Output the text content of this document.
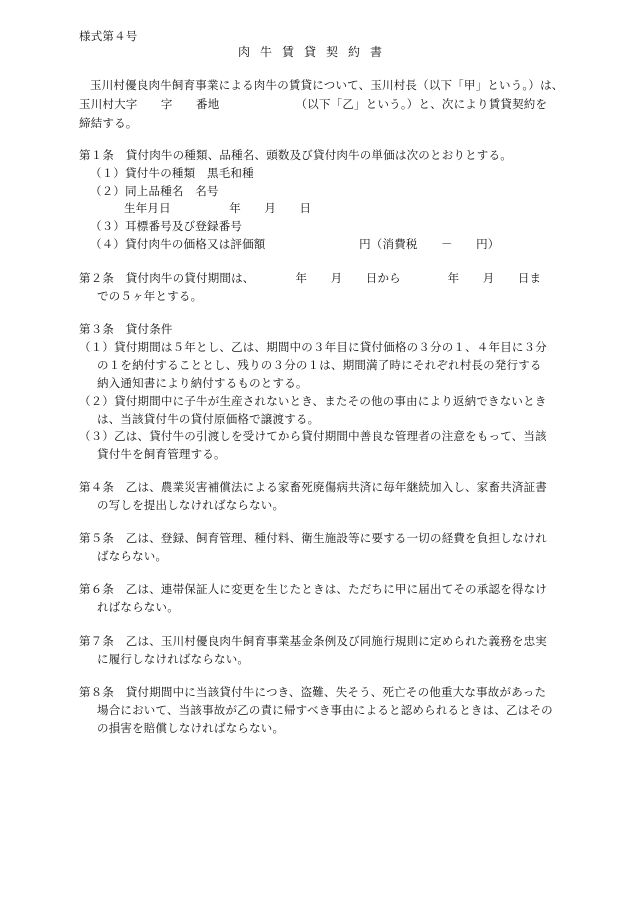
様式第４号
肉牛賃貸契約書
玉川村優良肉牛飼育事業による肉牛の賃貸について、玉川村長（以下「甲」という。）は、
玉川村大字　　字　　番地　　　　　　　（以下「乙」という。）と、次により賃貸契約を
締結する。
第１条　貸付肉牛の種類、品種名、頭数及び貸付肉牛の単価は次のとおりとする。
（１）貸付牛の種類　黒毛和種
（２）同上品種名　名号
生年月日　　　　　年　　月　　日
（３）耳標番号及び登録番号
（４）貸付肉牛の価格又は評価額　　　　　　　　円（消費税　　－　　円）
第２条　貸付肉牛の貸付期間は、　　　　年　　月　　日から　　　　年　　月　　日ま
での５ヶ年とする。
第３条　貸付条件
（１）貸付期間は５年とし、乙は、期間中の３年目に貸付価格の３分の１、４年目に３分
の１を納付することとし、残りの３分の１は、期間満了時にそれぞれ村長の発行する
納入通知書により納付するものとする。
（２）貸付期間中に子牛が生産されないとき、またその他の事由により返納できないとき
は、当該貸付牛の貸付原価格で譲渡する。
（３）乙は、貸付牛の引渡しを受けてから貸付期間中善良な管理者の注意をもって、当該
貸付牛を飼育管理する。
第４条　乙は、農業災害補償法による家畜死廃傷病共済に毎年継続加入し、家畜共済証書
の写しを提出しなければならない。
第５条　乙は、登録、飼育管理、種付料、衛生施設等に要する一切の経費を負担しなけれ
ばならない。
第６条　乙は、連帯保証人に変更を生じたときは、ただちに甲に届出てその承認を得なけ
ればならない。
第７条　乙は、玉川村優良肉牛飼育事業基金条例及び同施行規則に定められた義務を忠実
に履行しなければならない。
第８条　貸付期間中に当該貸付牛につき、盗難、失そう、死亡その他重大な事故があった
場合において、当該事故が乙の責に帰すべき事由によると認められるときは、乙はその
の損害を賠償しなければならない。
